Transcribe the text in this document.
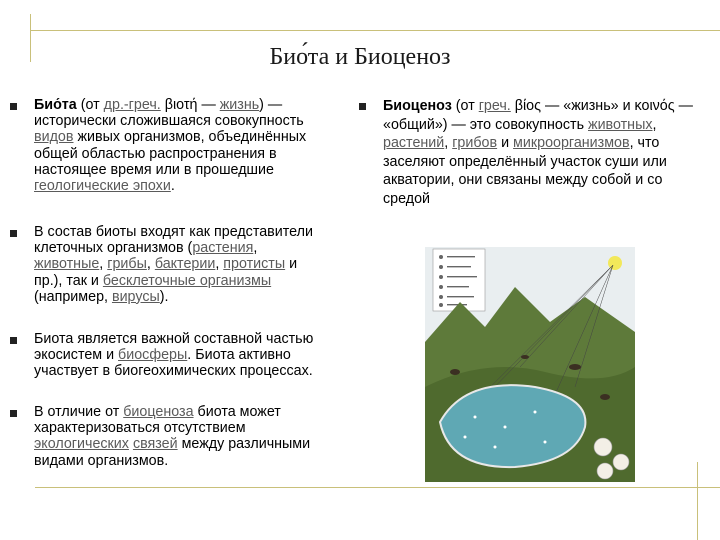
Био́та и Биоценоз

Био́та (от др.-греч. βιοτή — жизнь) — исторически сложившаяся совокупность видов живых организмов, объединённых общей областью распространения в настоящее время или в прошедшие геологические эпохи.

В состав биоты входят как представители клеточных организмов (растения, животные, грибы, бактерии, протисты и пр.), так и бесклеточные организмы (например, вирусы).

Биота является важной составной частью экосистем и биосферы. Биота активно участвует в биогеохимических процессах.

В отличие от биоценоза биота может характеризоваться отсутствием экологических связей между различными видами организмов.

Биоценоз (от греч. βίος — «жизнь» и κοινός — «общий») — это совокупность животных, растений, грибов и микроорганизмов, что заселяют определённый участок суши или акватории, они связаны между собой и со средой
